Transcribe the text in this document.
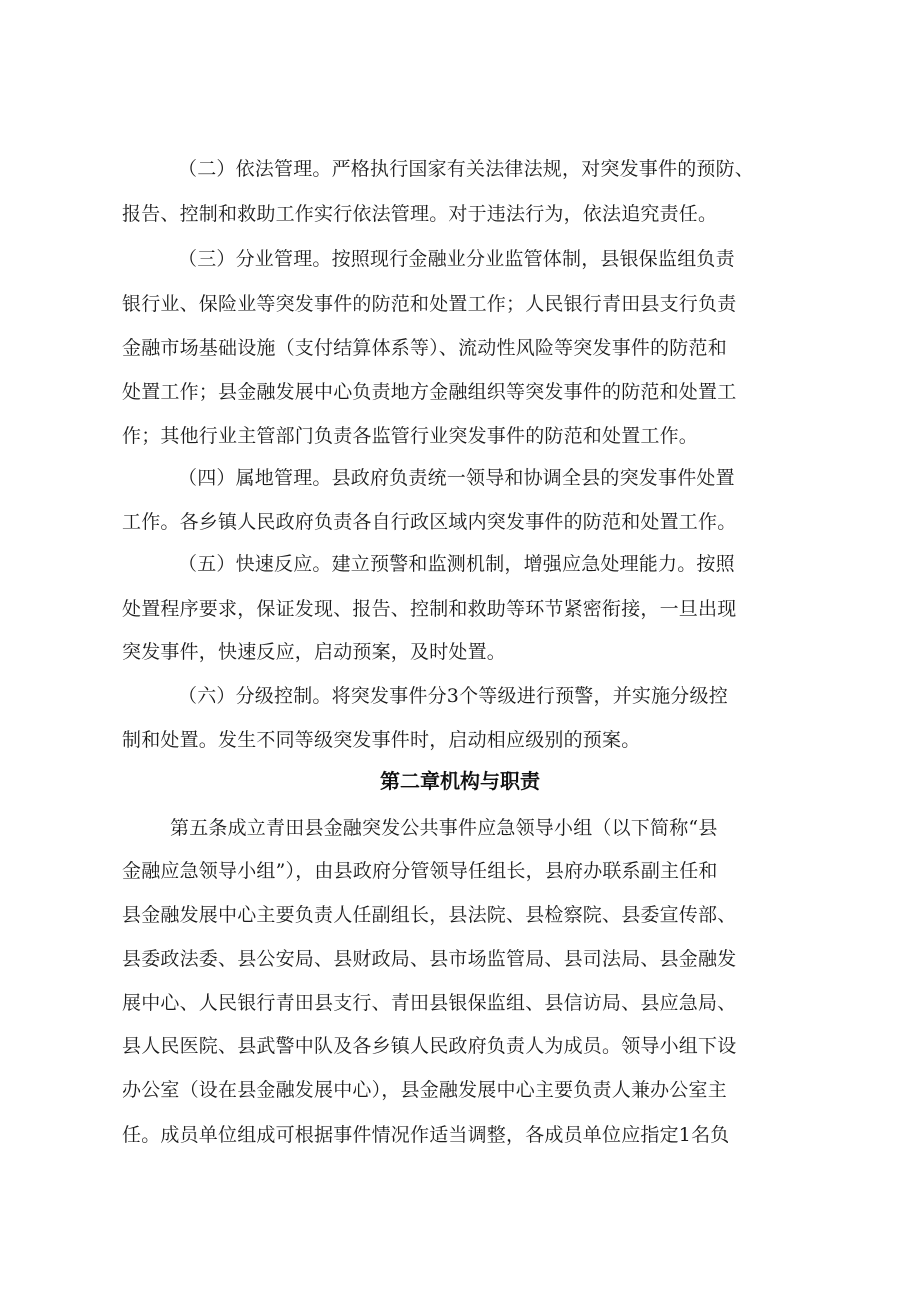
（二）依法管理。严格执行国家有关法律法规，对突发事件的预防、
报告、控制和救助工作实行依法管理。对于违法行为，依法追究责任。
（三）分业管理。按照现行金融业分业监管体制，县银保监组负责
银行业、保险业等突发事件的防范和处置工作；人民银行青田县支行负责
金融市场基础设施（支付结算体系等）、流动性风险等突发事件的防范和
处置工作；县金融发展中心负责地方金融组织等突发事件的防范和处置工
作；其他行业主管部门负责各监管行业突发事件的防范和处置工作。
（四）属地管理。县政府负责统一领导和协调全县的突发事件处置
工作。各乡镇人民政府负责各自行政区域内突发事件的防范和处置工作。
（五）快速反应。建立预警和监测机制，增强应急处理能力。按照
处置程序要求，保证发现、报告、控制和救助等环节紧密衔接，一旦出现
突发事件，快速反应，启动预案，及时处置。
（六）分级控制。将突发事件分3个等级进行预警，并实施分级控
制和处置。发生不同等级突发事件时，启动相应级别的预案。
第二章机构与职责
第五条成立青田县金融突发公共事件应急领导小组（以下简称“县
金融应急领导小组”），由县政府分管领导任组长，县府办联系副主任和
县金融发展中心主要负责人任副组长，县法院、县检察院、县委宣传部、
县委政法委、县公安局、县财政局、县市场监管局、县司法局、县金融发
展中心、人民银行青田县支行、青田县银保监组、县信访局、县应急局、
县人民医院、县武警中队及各乡镇人民政府负责人为成员。领导小组下设
办公室（设在县金融发展中心），县金融发展中心主要负责人兼办公室主
任。成员单位组成可根据事件情况作适当调整，各成员单位应指定1名负
